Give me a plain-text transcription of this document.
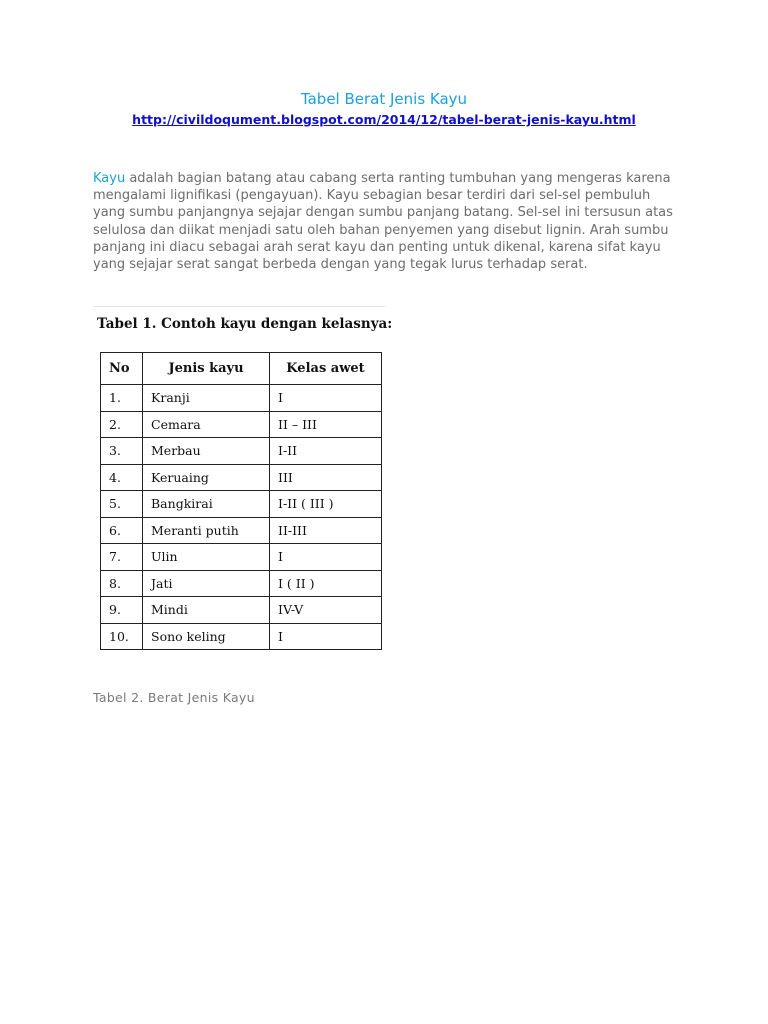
Tabel Berat Jenis Kayu
http://civildoqument.blogspot.com/2014/12/tabel-berat-jenis-kayu.html

Kayu adalah bagian batang atau cabang serta ranting tumbuhan yang mengeras karena mengalami lignifikasi (pengayuan). Kayu sebagian besar terdiri dari sel-sel pembuluh yang sumbu panjangnya sejajar dengan sumbu panjang batang. Sel-sel ini tersusun atas selulosa dan diikat menjadi satu oleh bahan penyemen yang disebut lignin. Arah sumbu panjang ini diacu sebagai arah serat kayu dan penting untuk dikenal, karena sifat kayu yang sejajar serat sangat berbeda dengan yang tegak lurus terhadap serat.

Tabel 1. Contoh kayu dengan kelasnya:
No	Jenis kayu	Kelas awet
1.	Kranji	I
2.	Cemara	II – III
3.	Merbau	I-II
4.	Keruaing	III
5.	Bangkirai	I-II ( III )
6.	Meranti putih	II-III
7.	Ulin	I
8.	Jati	I ( II )
9.	Mindi	IV-V
10.	Sono keling	I
Tabel 2. Berat Jenis Kayu
